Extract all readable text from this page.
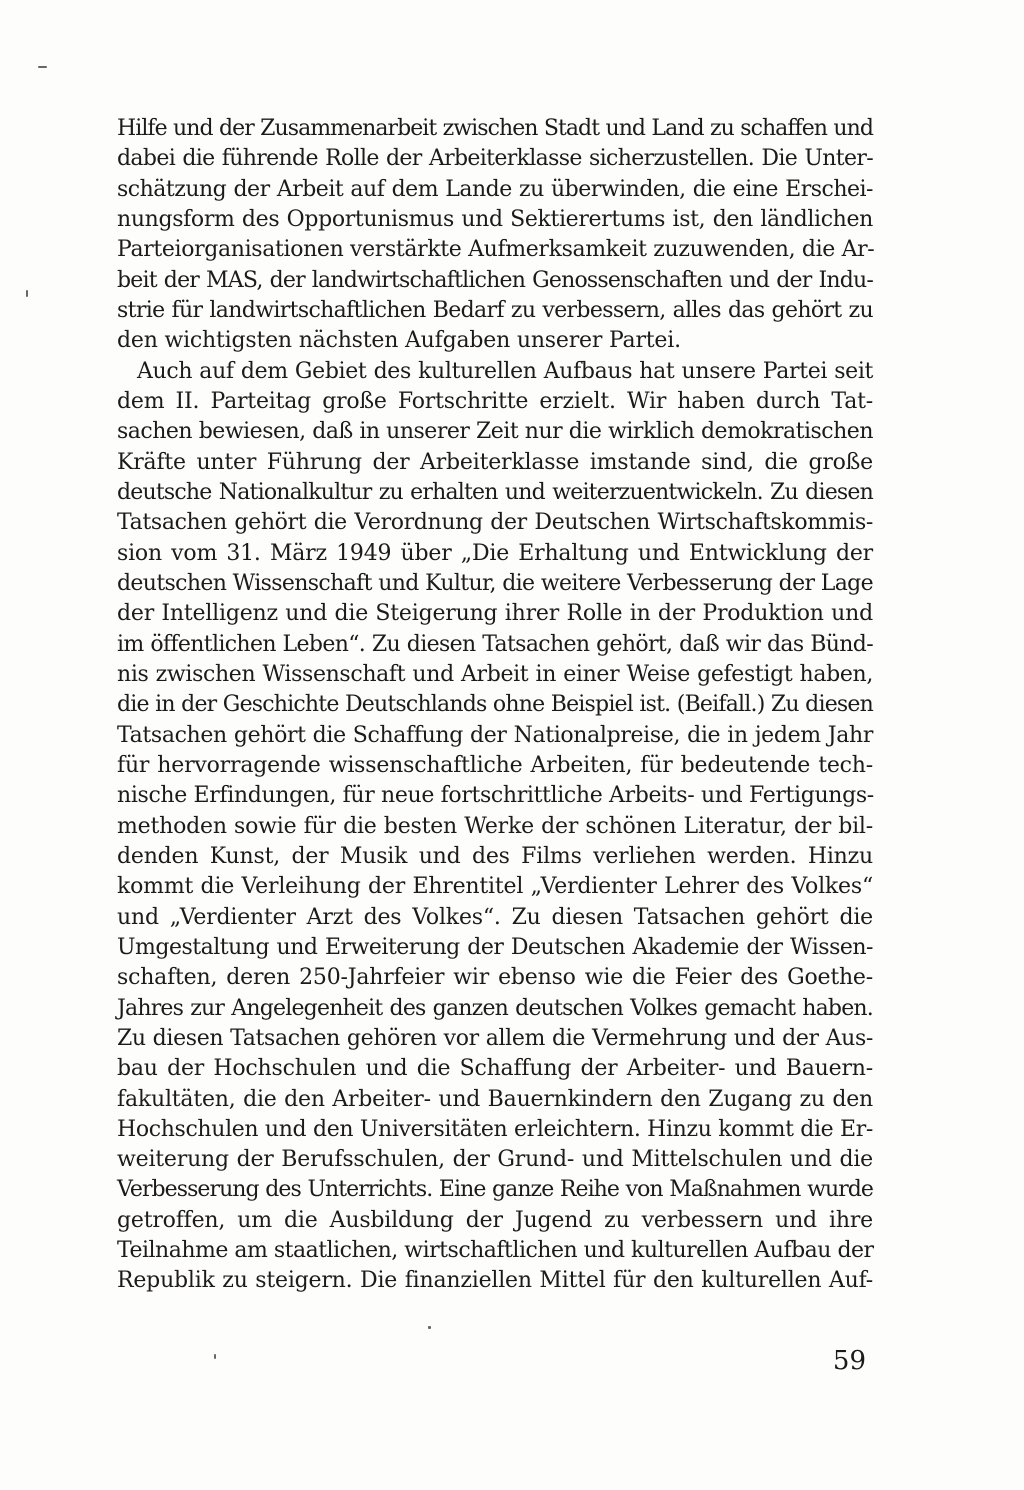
Hilfe und der Zusammenarbeit zwischen Stadt und Land zu schaffen und
dabei die führende Rolle der Arbeiterklasse sicherzustellen. Die Unter-
schätzung der Arbeit auf dem Lande zu überwinden, die eine Erschei-
nungsform des Opportunismus und Sektierertums ist, den ländlichen
Parteiorganisationen verstärkte Aufmerksamkeit zuzuwenden, die Ar-
beit der MAS, der landwirtschaftlichen Genossenschaften und der Indu-
strie für landwirtschaftlichen Bedarf zu verbessern, alles das gehört zu
den wichtigsten nächsten Aufgaben unserer Partei.
Auch auf dem Gebiet des kulturellen Aufbaus hat unsere Partei seit
dem II. Parteitag große Fortschritte erzielt. Wir haben durch Tat-
sachen bewiesen, daß in unserer Zeit nur die wirklich demokratischen
Kräfte unter Führung der Arbeiterklasse imstande sind, die große
deutsche Nationalkultur zu erhalten und weiterzuentwickeln. Zu diesen
Tatsachen gehört die Verordnung der Deutschen Wirtschaftskommis-
sion vom 31. März 1949 über „Die Erhaltung und Entwicklung der
deutschen Wissenschaft und Kultur, die weitere Verbesserung der Lage
der Intelligenz und die Steigerung ihrer Rolle in der Produktion und
im öffentlichen Leben“. Zu diesen Tatsachen gehört, daß wir das Bünd-
nis zwischen Wissenschaft und Arbeit in einer Weise gefestigt haben,
die in der Geschichte Deutschlands ohne Beispiel ist. (Beifall.) Zu diesen
Tatsachen gehört die Schaffung der Nationalpreise, die in jedem Jahr
für hervorragende wissenschaftliche Arbeiten, für bedeutende tech-
nische Erfindungen, für neue fortschrittliche Arbeits- und Fertigungs-
methoden sowie für die besten Werke der schönen Literatur, der bil-
denden Kunst, der Musik und des Films verliehen werden. Hinzu
kommt die Verleihung der Ehrentitel „Verdienter Lehrer des Volkes“
und „Verdienter Arzt des Volkes“. Zu diesen Tatsachen gehört die
Umgestaltung und Erweiterung der Deutschen Akademie der Wissen-
schaften, deren 250-Jahrfeier wir ebenso wie die Feier des Goethe-
Jahres zur Angelegenheit des ganzen deutschen Volkes gemacht haben.
Zu diesen Tatsachen gehören vor allem die Vermehrung und der Aus-
bau der Hochschulen und die Schaffung der Arbeiter- und Bauern-
fakultäten, die den Arbeiter- und Bauernkindern den Zugang zu den
Hochschulen und den Universitäten erleichtern. Hinzu kommt die Er-
weiterung der Berufsschulen, der Grund- und Mittelschulen und die
Verbesserung des Unterrichts. Eine ganze Reihe von Maßnahmen wurde
getroffen, um die Ausbildung der Jugend zu verbessern und ihre
Teilnahme am staatlichen, wirtschaftlichen und kulturellen Aufbau der
Republik zu steigern. Die finanziellen Mittel für den kulturellen Auf-
59
